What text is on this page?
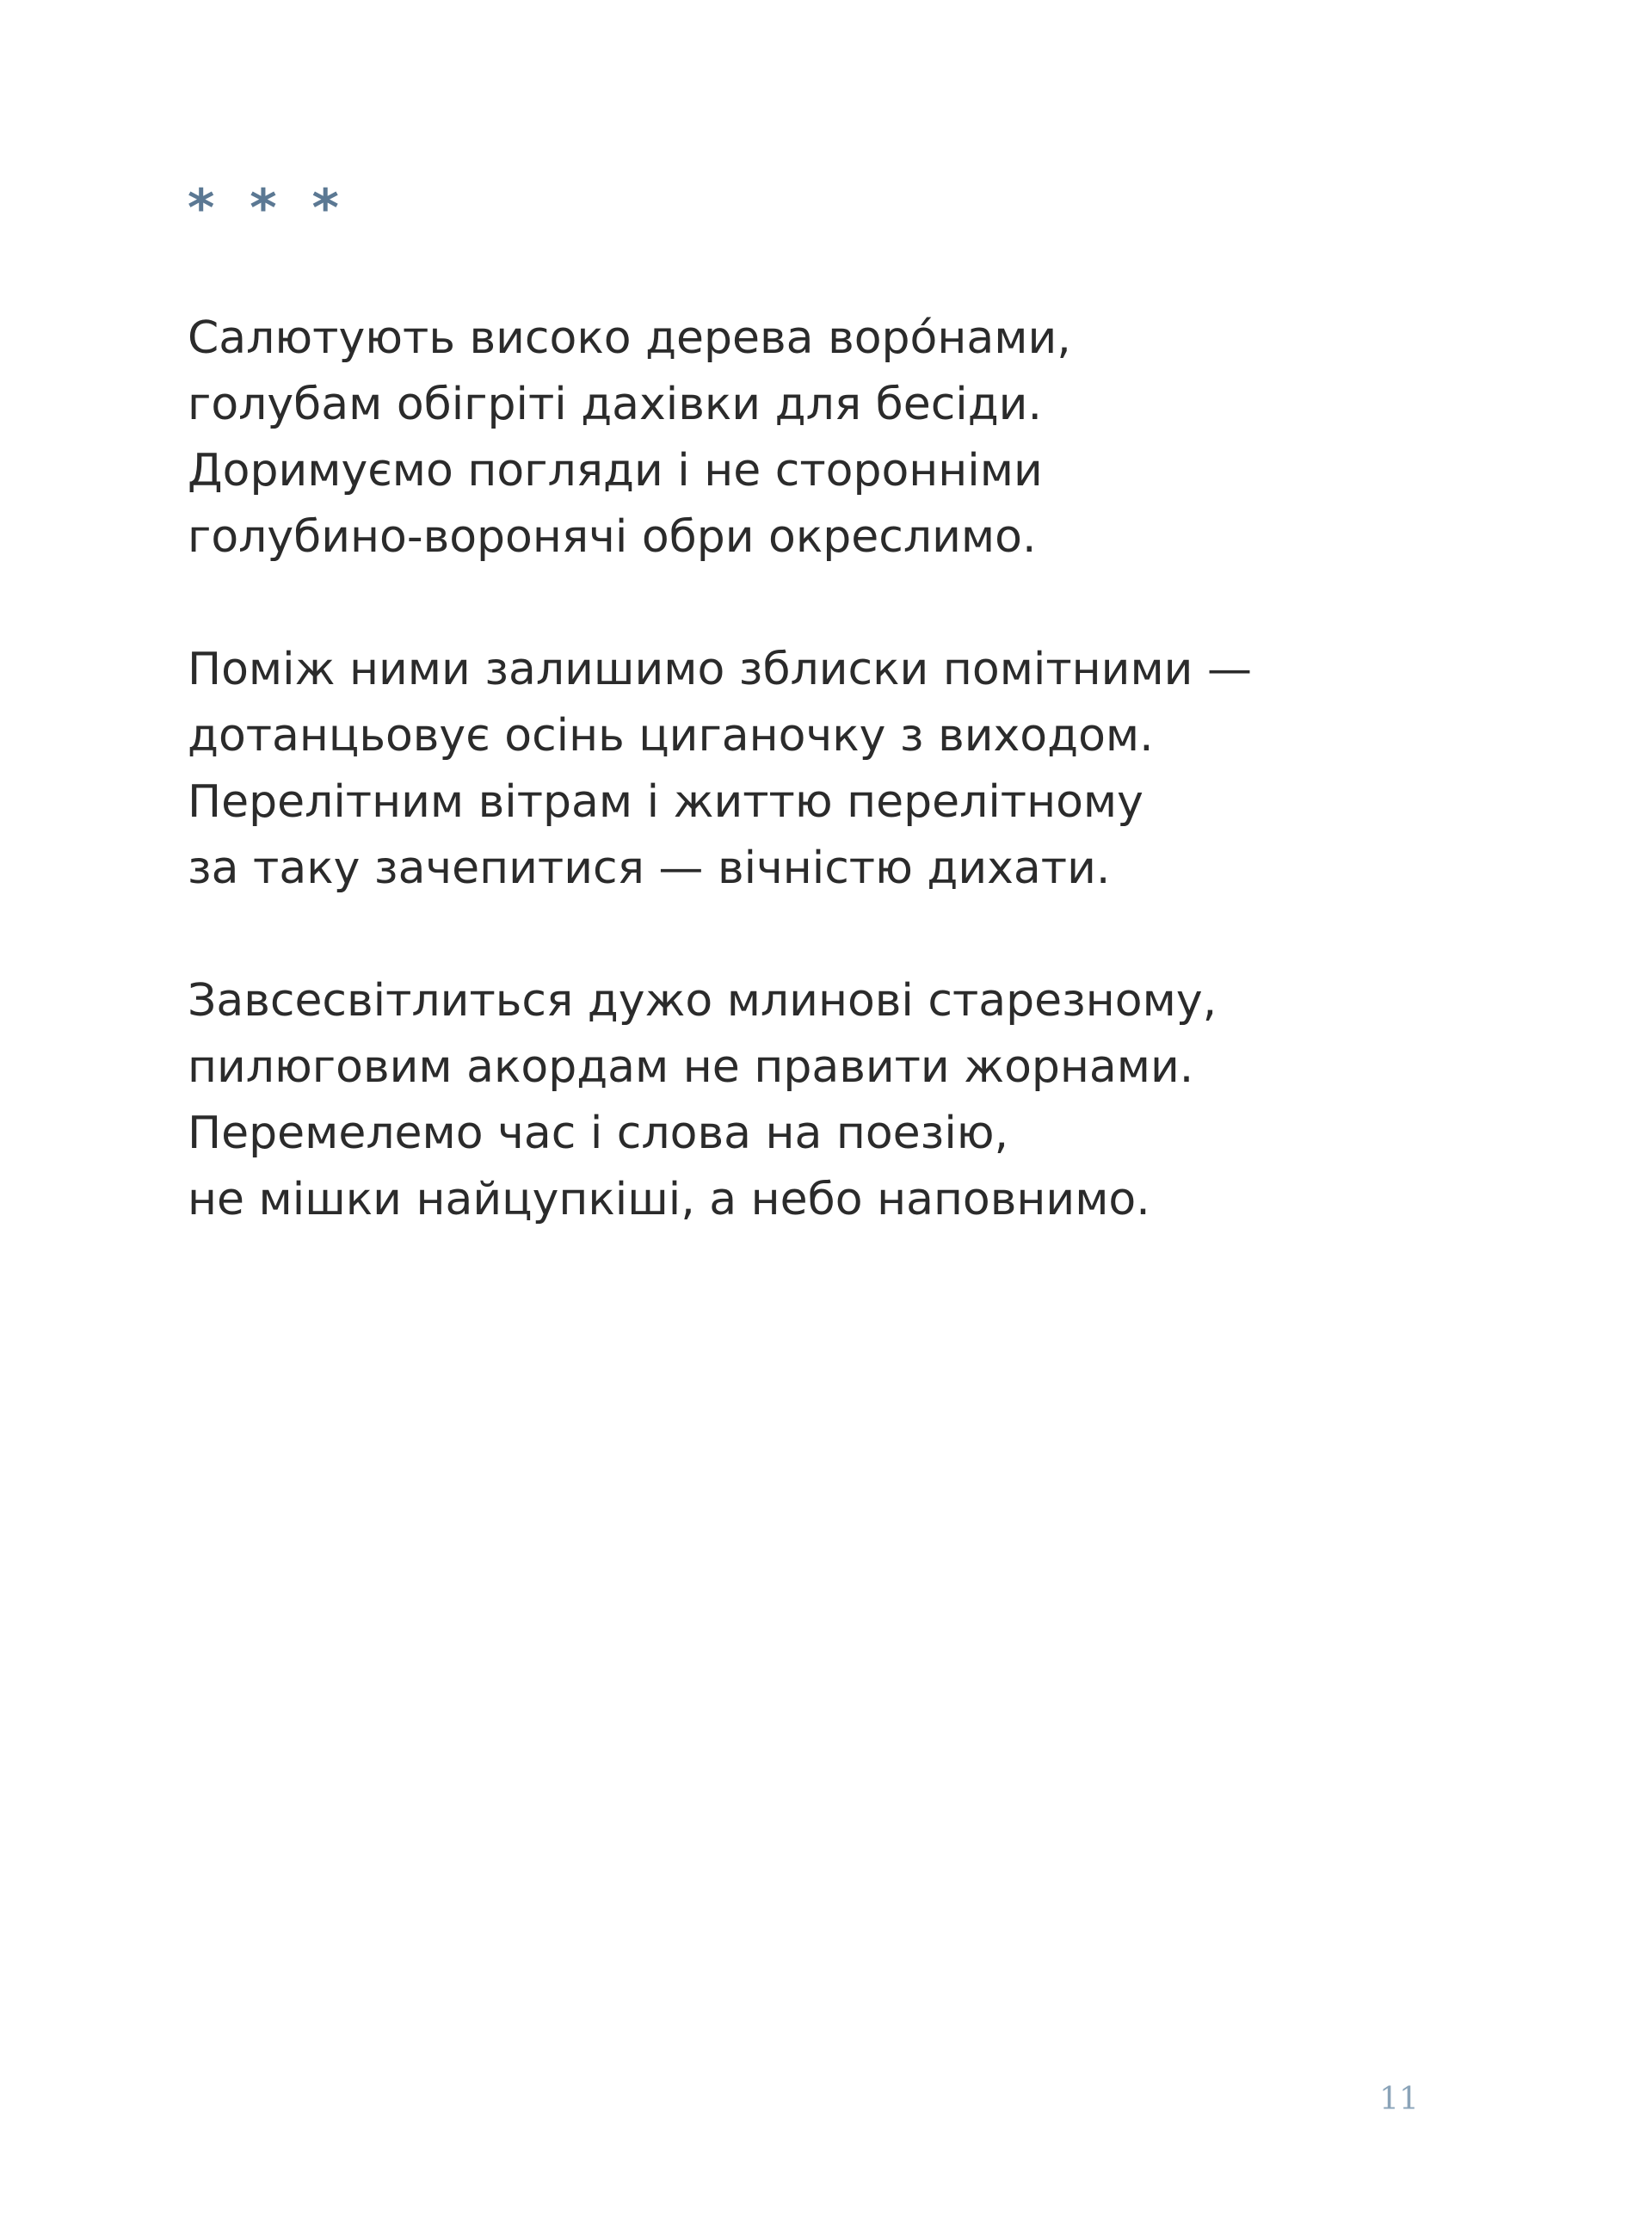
* * *

Салютують високо дерева воро́нами,
голубам обігріті дахівки для бесіди.
Доримуємо погляди і не сторонніми
голубино-воронячі обри окреслимо.

Поміж ними залишимо зблиски помітними —
дотанцьовує осінь циганочку з виходом.
Перелітним вітрам і життю перелітному
за таку зачепитися — вічністю дихати.

Завсесвітлиться дужо млинові старезному,
пилюговим акордам не правити жорнами.
Перемелемо час і слова на поезію,
не мішки найцупкіші, а небо наповнимо.

11
